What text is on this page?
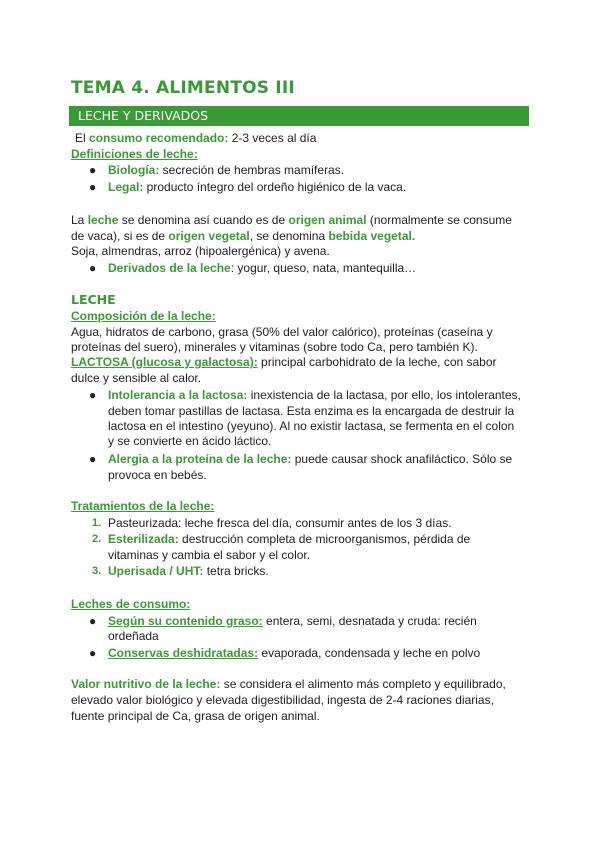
TEMA 4. ALIMENTOS III
LECHE Y DERIVADOS
El consumo recomendado: 2-3 veces al día
Definiciones de leche:
● Biología: secreción de hembras mamíferas.
● Legal: producto íntegro del ordeño higiénico de la vaca.
La leche se denomina así cuando es de origen animal (normalmente se consume
de vaca), si es de origen vegetal, se denomina bebida vegetal.
Soja, almendras, arroz (hipoalergénica) y avena.
● Derivados de la leche: yogur, queso, nata, mantequilla…
LECHE
Composición de la leche:
Agua, hidratos de carbono, grasa (50% del valor calórico), proteínas (caseína y
proteínas del suero), minerales y vitaminas (sobre todo Ca, pero también K).
LACTOSA (glucosa y galactosa): principal carbohidrato de la leche, con sabor
dulce y sensible al calor.
● Intolerancia a la lactosa: inexistencia de la lactasa, por ello, los intolerantes,
deben tomar pastillas de lactasa. Esta enzima es la encargada de destruir la
lactosa en el intestino (yeyuno). Al no existir lactasa, se fermenta en el colon
y se convierte en ácido láctico.
● Alergia a la proteína de la leche: puede causar shock anafiláctico. Sólo se
provoca en bebés.
Tratamientos de la leche:
1. Pasteurizada: leche fresca del día, consumir antes de los 3 días.
2. Esterilizada: destrucción completa de microorganismos, pérdida de
vitaminas y cambia el sabor y el color.
3. Uperisada / UHT: tetra bricks.
Leches de consumo:
● Según su contenido graso: entera, semi, desnatada y cruda: recién
ordeñada
● Conservas deshidratadas: evaporada, condensada y leche en polvo
Valor nutritivo de la leche: se considera el alimento más completo y equilibrado,
elevado valor biológico y elevada digestibilidad, ingesta de 2-4 raciones diarias,
fuente principal de Ca, grasa de origen animal.
